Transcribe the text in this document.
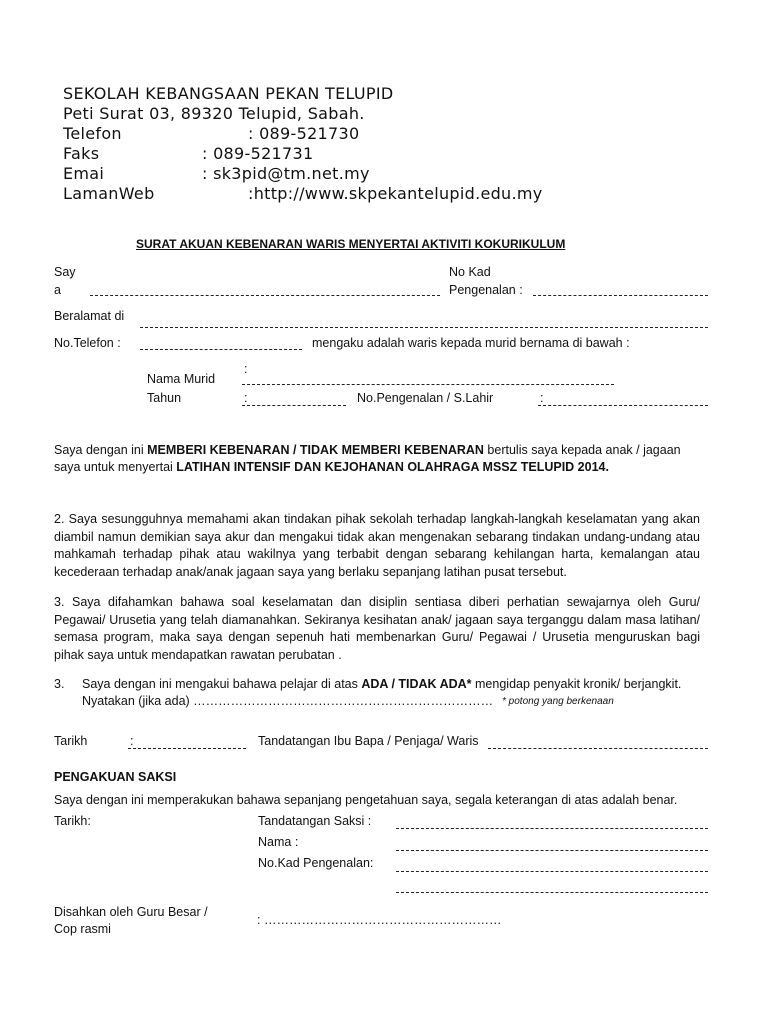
SEKOLAH KEBANGSAAN PEKAN TELUPID
Peti Surat 03, 89320 Telupid, Sabah.
Telefon	: 089-521730
Faks	: 089-521731
Emai	: sk3pid@tm.net.my
LamanWeb	:http://www.skpekantelupid.edu.my
SURAT AKUAN KEBENARAN WARIS MENYERTAI AKTIVITI KOKURIKULUM
Say
a
No Kad
Pengenalan :
Beralamat di
No.Telefon :	mengaku adalah waris kepada murid bernama di bawah :
:
Nama Murid
Tahun	:	No.Pengenalan / S.Lahir	:
Saya dengan ini MEMBERI KEBENARAN / TIDAK MEMBERI KEBENARAN bertulis saya kepada anak / jagaan
saya untuk menyertai LATIHAN INTENSIF DAN KEJOHANAN OLAHRAGA MSSZ TELUPID 2014.
2. Saya sesungguhnya memahami akan tindakan pihak sekolah terhadap langkah-langkah keselamatan yang akan diambil namun demikian saya akur dan mengakui tidak akan mengenakan sebarang tindakan undang-undang atau mahkamah terhadap pihak atau wakilnya yang terbabit dengan sebarang kehilangan harta, kemalangan atau kecederaan terhadap anak/anak jagaan saya yang berlaku sepanjang latihan pusat tersebut.
3. Saya difahamkan bahawa soal keselamatan dan disiplin sentiasa diberi perhatian sewajarnya oleh Guru/ Pegawai/ Urusetia yang telah diamanahkan. Sekiranya kesihatan anak/ jagaan saya terganggu dalam masa latihan/ semasa program, maka saya dengan sepenuh hati membenarkan Guru/ Pegawai / Urusetia menguruskan bagi pihak saya untuk mendapatkan rawatan perubatan .
3. Saya dengan ini mengakui bahawa pelajar di atas ADA / TIDAK ADA* mengidap penyakit kronik/ berjangkit.
Nyatakan (jika ada) ……………………………………………………………… * potong yang berkenaan
Tarikh	:	Tandatangan Ibu Bapa / Penjaga/ Waris
PENGAKUAN SAKSI
Saya dengan ini memperakukan bahawa sepanjang pengetahuan saya, segala keterangan di atas adalah benar.
Tarikh:	Tandatangan Saksi :
Nama :
No.Kad Pengenalan:
Disahkan oleh Guru Besar /
Cop rasmi
: …………………………………………………
